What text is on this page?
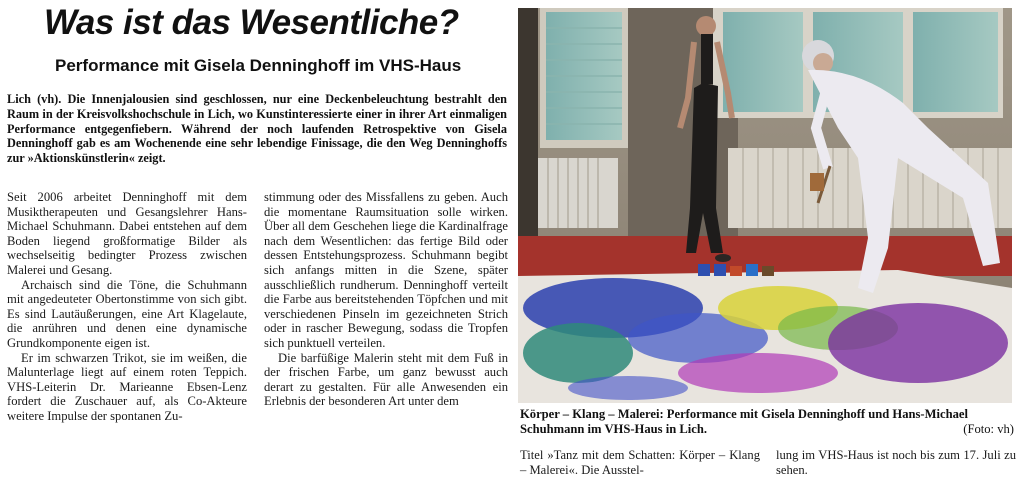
Was ist das Wesentliche?
Performance mit Gisela Denninghoff im VHS-Haus
Lich (vh). Die Innenjalousien sind geschlossen, nur eine Deckenbeleuchtung bestrahlt den Raum in der Kreisvolkshochschule in Lich, wo Kunstinteressierte einer in ihrer Art einmaligen Performance entgegenfiebern. Während der noch laufenden Retrospektive von Gisela Denninghoff gab es am Wochenende eine sehr lebendige Finissage, die den Weg Denninghoffs zur »Aktionskünstlerin« zeigt.

Seit 2006 arbeitet Denninghoff mit dem Musiktherapeuten und Gesangslehrer Hans-Michael Schuhmann. Dabei entstehen auf dem Boden liegend großformatige Bilder als wechselseitig bedingter Prozess zwischen Malerei und Gesang.

Archaisch sind die Töne, die Schuhmann mit angedeuteter Obertonstimme von sich gibt. Es sind Lautäußerungen, eine Art Klagelaute, die anrühren und denen eine dynamische Grundkomponente eigen ist.

Er im schwarzen Trikot, sie im weißen, die Malunterlage liegt auf einem roten Teppich. VHS-Leiterin Dr. Marieanne Ebsen-Lenz fordert die Zuschauer auf, als Co-Akteure weitere Impulse der spontanen Zu-

stimmung oder des Missfallens zu geben. Auch die momentane Raumsituation solle wirken. Über all dem Geschehen liege die Kardinalfrage nach dem Wesentlichen: das fertige Bild oder dessen Entstehungsprozess. Schuhmann begibt sich anfangs mitten in die Szene, später ausschließlich rundherum. Denninghoff verteilt die Farbe aus bereitstehenden Töpfchen und mit verschiedenen Pinseln im gezeichneten Strich oder in rascher Bewegung, sodass die Tropfen sich punktuell verteilen.

Die barfüßige Malerin steht mit dem Fuß in der frischen Farbe, um ganz bewusst auch derart zu gestalten. Für alle Anwesenden ein Erlebnis der besonderen Art unter dem

Körper – Klang – Malerei: Performance mit Gisela Denninghoff und Hans-Michael Schuhmann im VHS-Haus in Lich.	(Foto: vh)

Titel »Tanz mit dem Schatten: Körper – Klang – Malerei«. Die Ausstel-

lung im VHS-Haus ist noch bis zum 17. Juli zu sehen.
